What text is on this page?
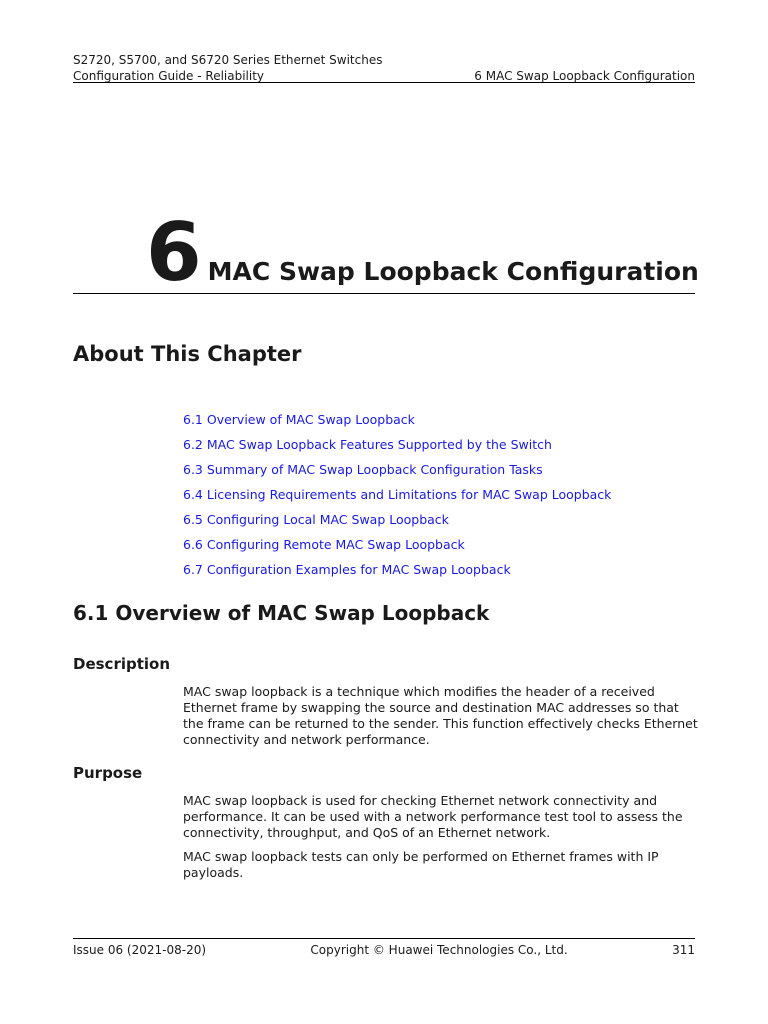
S2720, S5700, and S6720 Series Ethernet Switches
Configuration Guide - Reliability	6 MAC Swap Loopback Configuration
6 MAC Swap Loopback Configuration
About This Chapter
6.1 Overview of MAC Swap Loopback
6.2 MAC Swap Loopback Features Supported by the Switch
6.3 Summary of MAC Swap Loopback Configuration Tasks
6.4 Licensing Requirements and Limitations for MAC Swap Loopback
6.5 Configuring Local MAC Swap Loopback
6.6 Configuring Remote MAC Swap Loopback
6.7 Configuration Examples for MAC Swap Loopback
6.1 Overview of MAC Swap Loopback
Description

MAC swap loopback is a technique which modifies the header of a received Ethernet frame by swapping the source and destination MAC addresses so that the frame can be returned to the sender. This function effectively checks Ethernet connectivity and network performance.

Purpose

MAC swap loopback is used for checking Ethernet network connectivity and performance. It can be used with a network performance test tool to assess the connectivity, throughput, and QoS of an Ethernet network.

MAC swap loopback tests can only be performed on Ethernet frames with IP payloads.

Issue 06 (2021-08-20)	Copyright © Huawei Technologies Co., Ltd.	311
